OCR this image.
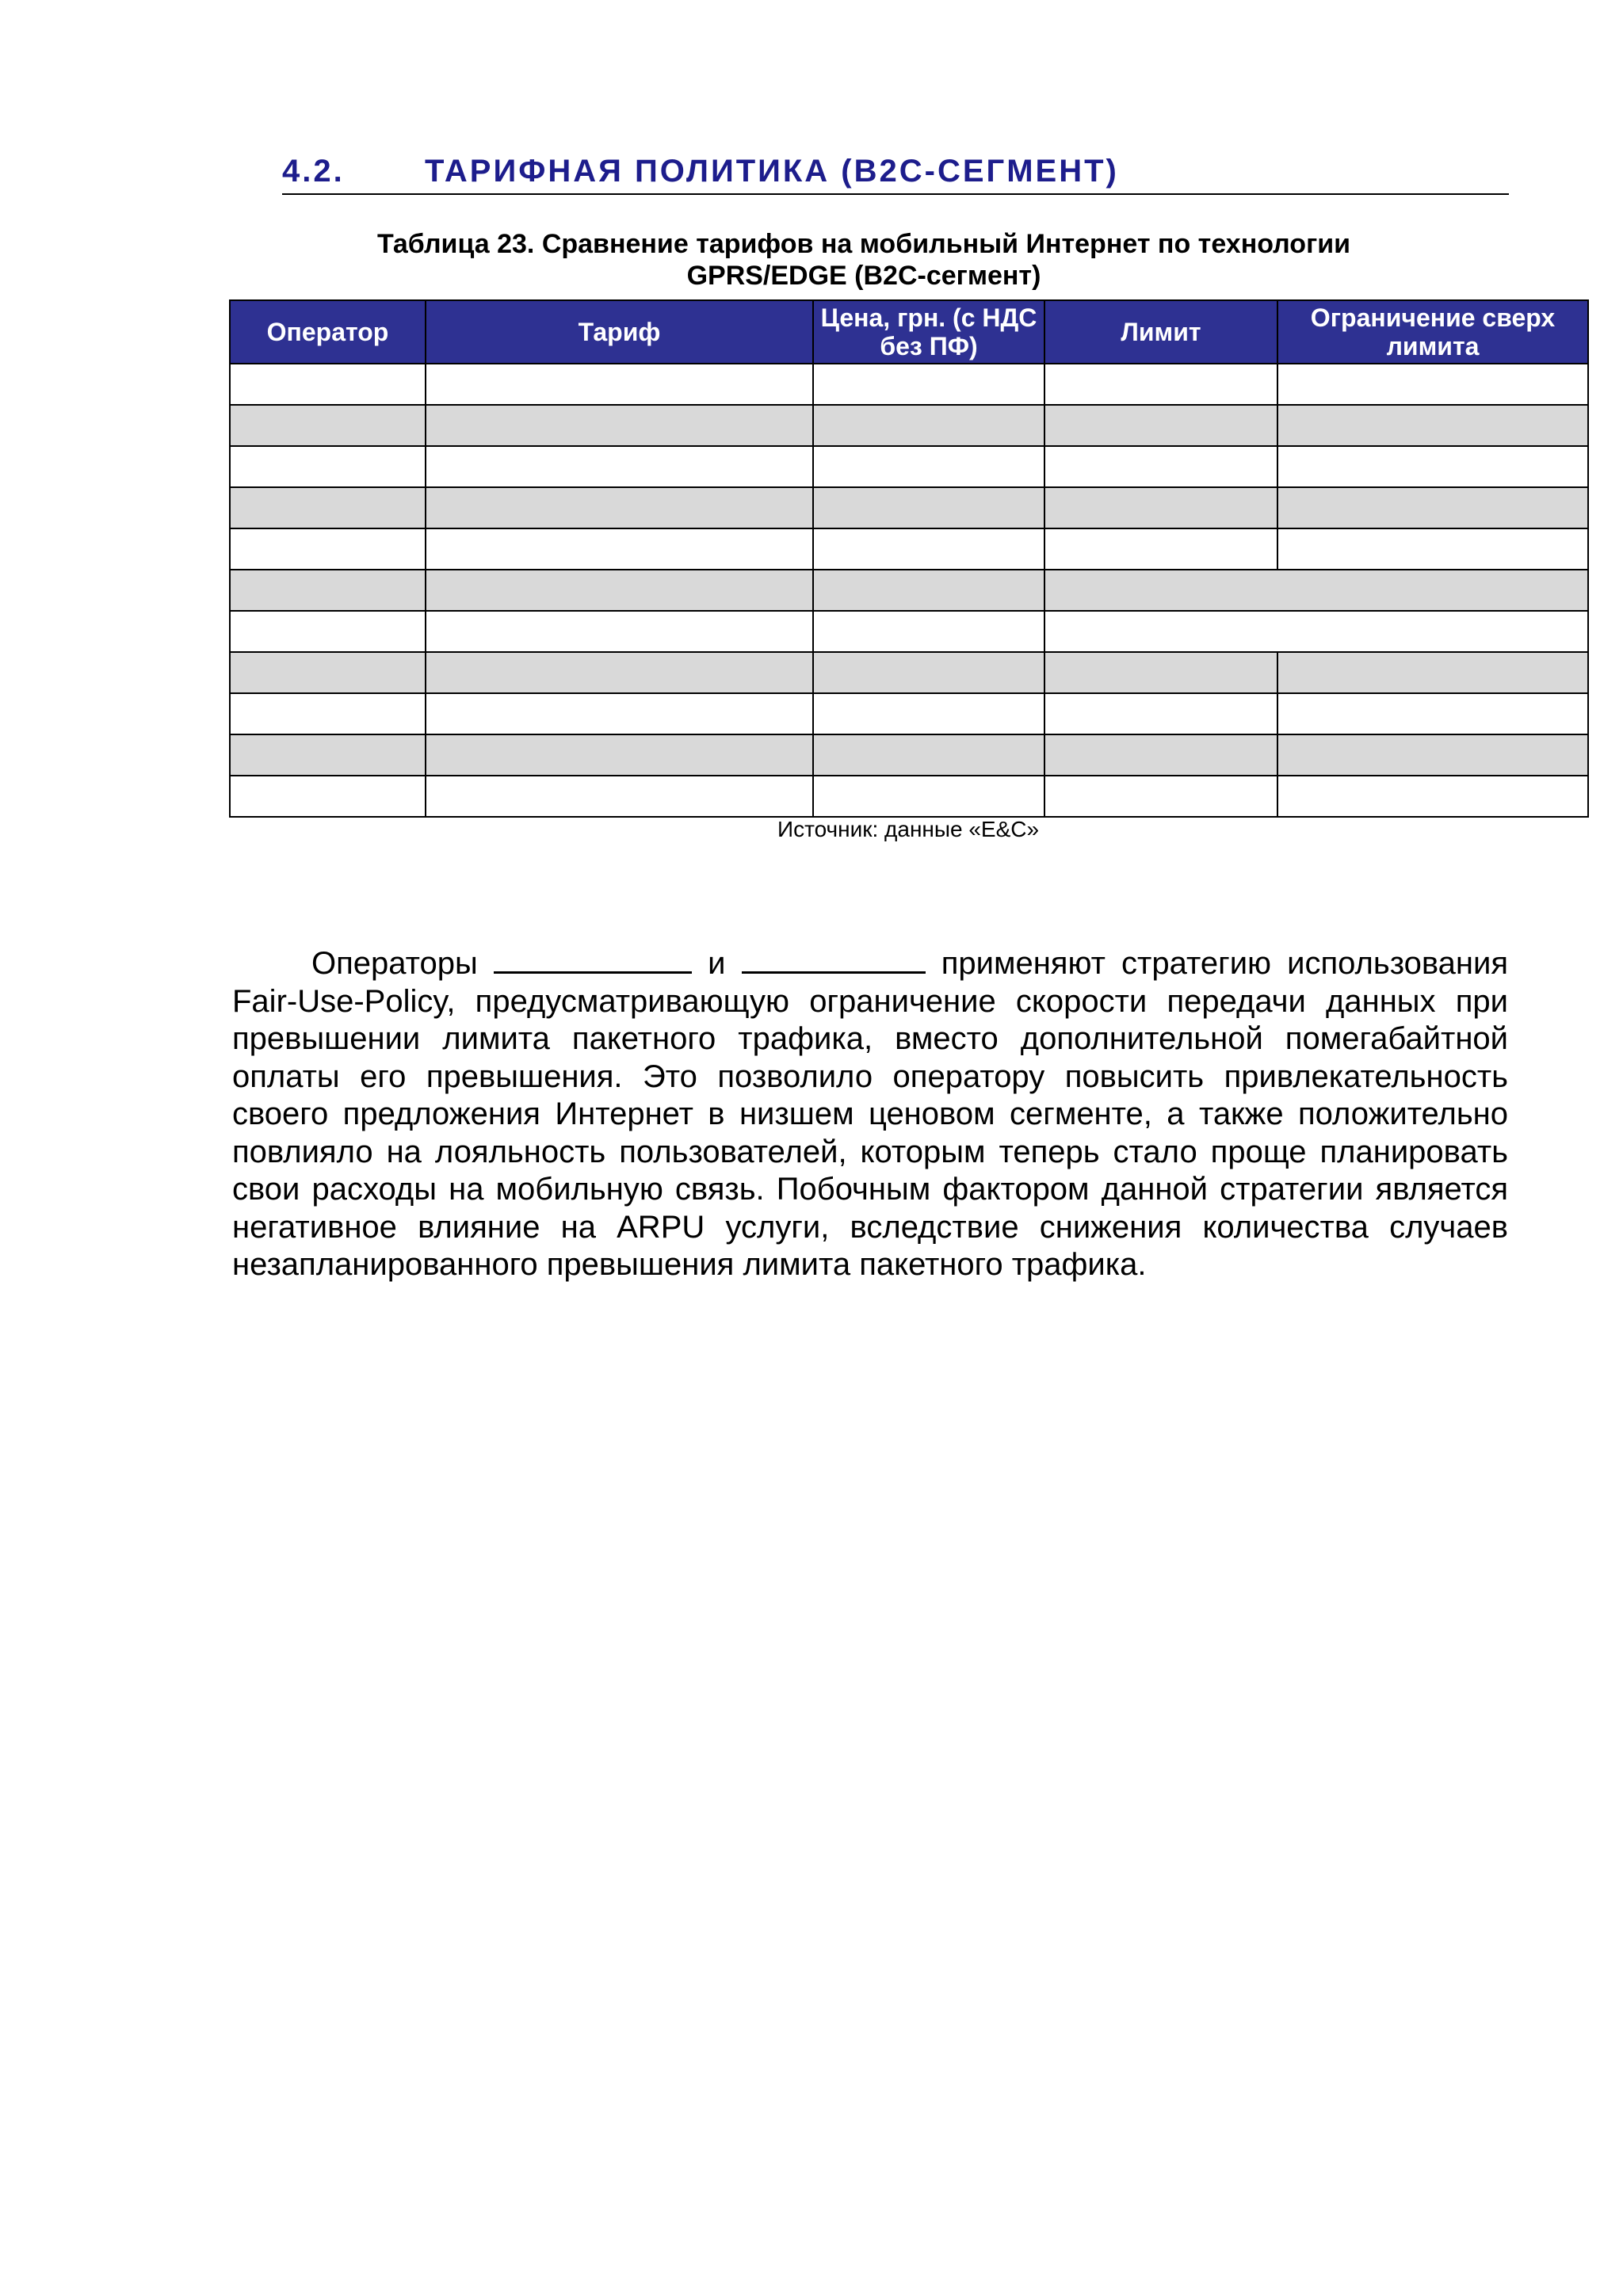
4.2.	ТАРИФНАЯ ПОЛИТИКА (B2C-СЕГМЕНТ)
Таблица 23. Сравнение тарифов на мобильный Интернет по технологии
GPRS/EDGE (B2C-сегмент)
Оператор	Тариф	Цена, грн. (с НДС без ПФ)	Лимит	Ограничение сверх лимита

Источник: данные «E&C»

Операторы	и	применяют стратегию использования Fair-Use-Policy, предусматривающую ограничение скорости передачи данных при превышении лимита пакетного трафика, вместо дополнительной помегабайтной оплаты его превышения. Это позволило оператору повысить привлекательность своего предложения Интернет в низшем ценовом сегменте, а также положительно повлияло на лояльность пользователей, которым теперь стало проще планировать свои расходы на мобильную связь. Побочным фактором данной стратегии является негативное влияние на ARPU услуги, вследствие снижения количества случаев незапланированного превышения лимита пакетного трафика.
